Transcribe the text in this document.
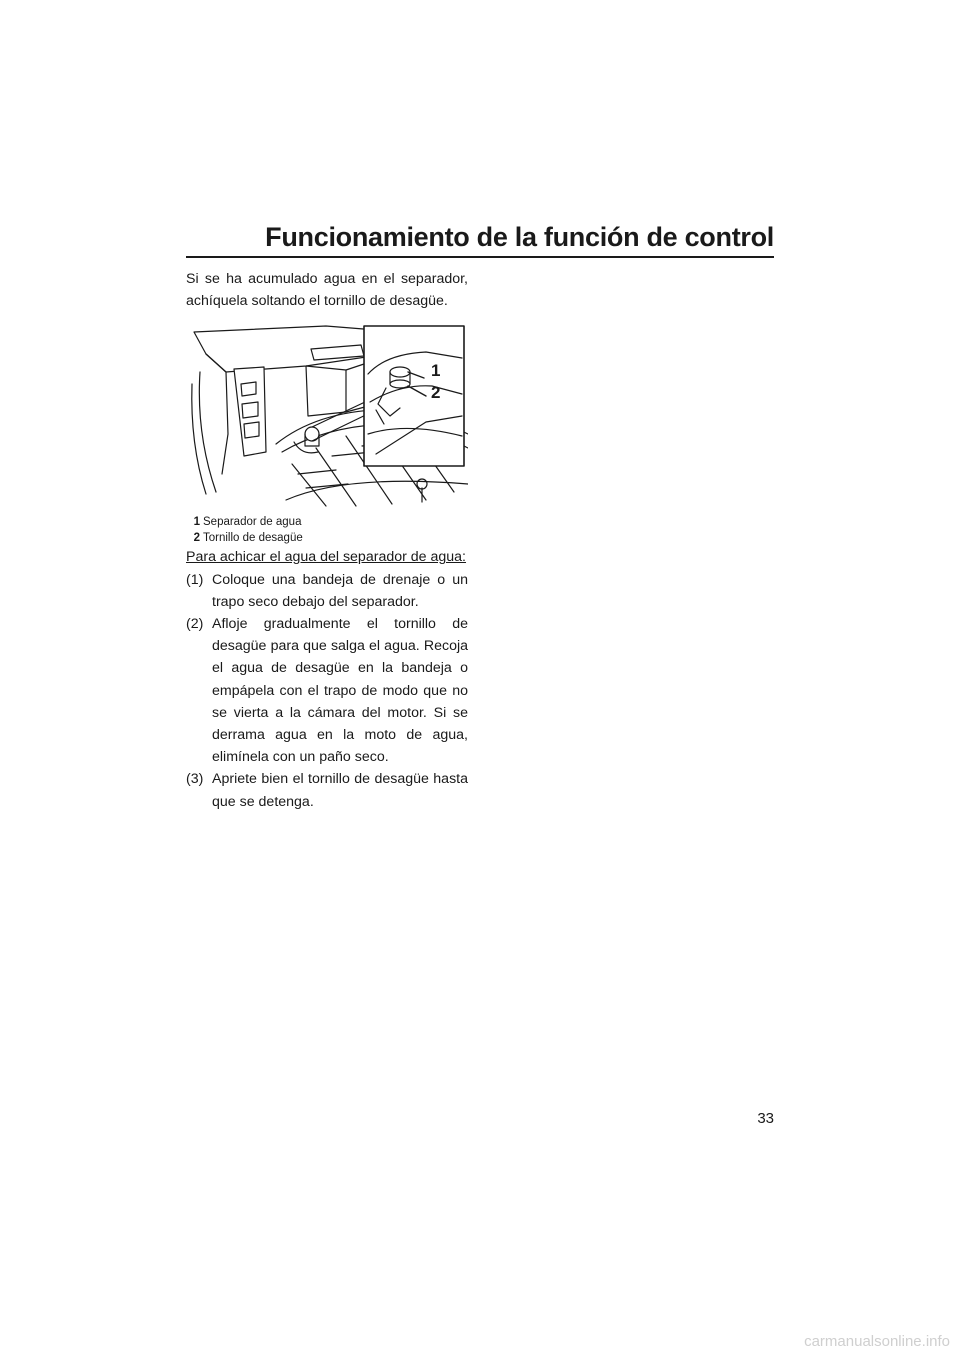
Funcionamiento de la función de control

Si se ha acumulado agua en el separador, achíquela soltando el tornillo de desagüe.

1
2
1 Separador de agua
2 Tornillo de desagüe

Para achicar el agua del separador de agua:

(1) Coloque una bandeja de drenaje o un trapo seco debajo del separador.
(2) Afloje gradualmente el tornillo de desagüe para que salga el agua. Recoja el agua de desagüe en la bandeja o empápela con el trapo de modo que no se vierta a la cámara del motor. Si se derrama agua en la moto de agua, elimínela con un paño seco.
(3) Apriete bien el tornillo de desagüe hasta que se detenga.
33
carmanualsonline.info
